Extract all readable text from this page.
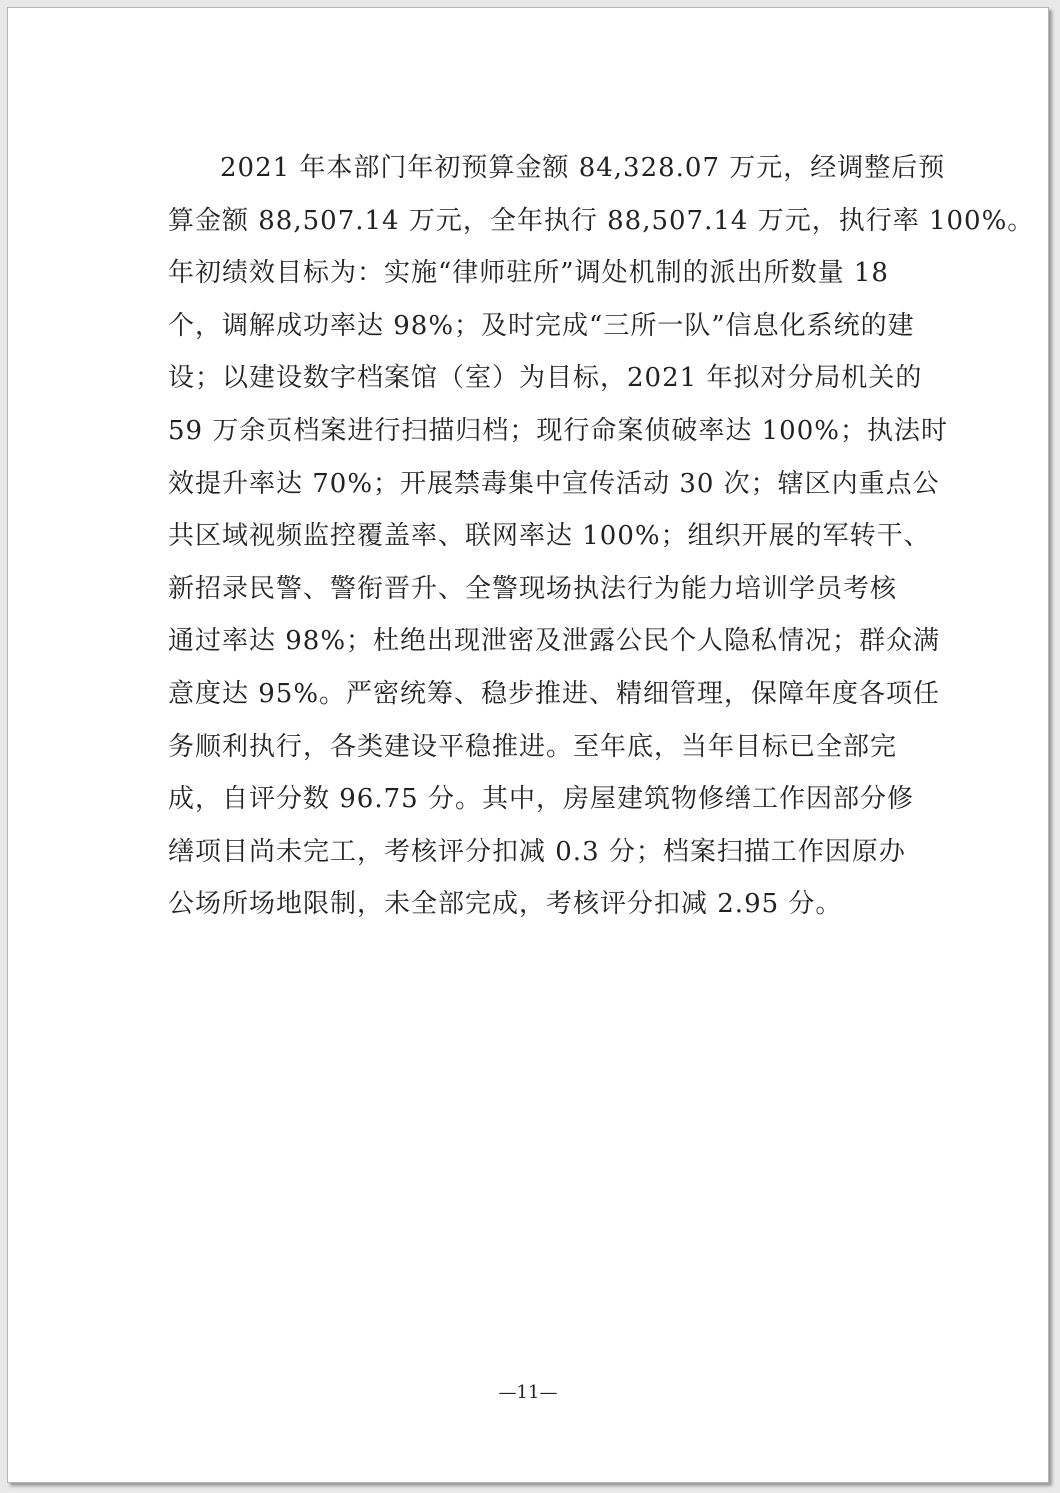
2021 年本部门年初预算金额 84,328.07 万元，经调整后预
算金额 88,507.14 万元，全年执行 88,507.14 万元，执行率 100%。
年初绩效目标为：实施“律师驻所”调处机制的派出所数量 18
个，调解成功率达 98%；及时完成“三所一队”信息化系统的建
设；以建设数字档案馆（室）为目标，2021 年拟对分局机关的
59 万余页档案进行扫描归档；现行命案侦破率达 100%；执法时
效提升率达 70%；开展禁毒集中宣传活动 30 次；辖区内重点公
共区域视频监控覆盖率、联网率达 100%；组织开展的军转干、
新招录民警、警衔晋升、全警现场执法行为能力培训学员考核
通过率达 98%；杜绝出现泄密及泄露公民个人隐私情况；群众满
意度达 95%。严密统筹、稳步推进、精细管理，保障年度各项任
务顺利执行，各类建设平稳推进。至年底，当年目标已全部完
成，自评分数 96.75 分。其中，房屋建筑物修缮工作因部分修
缮项目尚未完工，考核评分扣减 0.3 分；档案扫描工作因原办
公场所场地限制，未全部完成，考核评分扣减 2.95 分。
—11—
